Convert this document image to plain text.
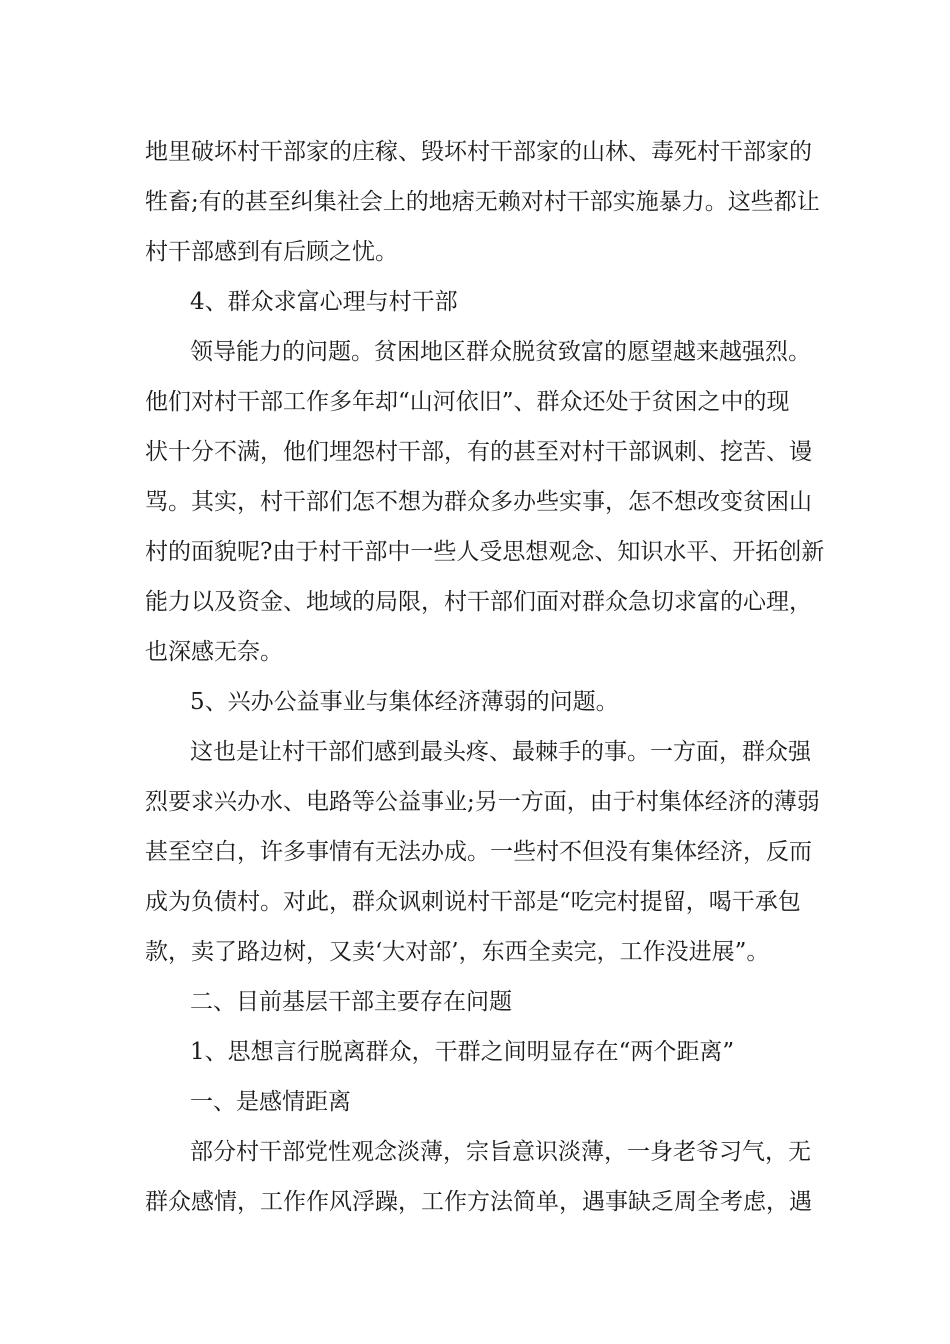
地里破坏村干部家的庄稼、毁坏村干部家的山林、毒死村干部家的

牲畜;有的甚至纠集社会上的地痞无赖对村干部实施暴力。这些都让

村干部感到有后顾之忧。

4、群众求富心理与村干部

领导能力的问题。贫困地区群众脱贫致富的愿望越来越强烈。

他们对村干部工作多年却“山河依旧”、群众还处于贫困之中的现

状十分不满，他们埋怨村干部，有的甚至对村干部讽刺、挖苦、谩

骂。其实，村干部们怎不想为群众多办些实事，怎不想改变贫困山

村的面貌呢?由于村干部中一些人受思想观念、知识水平、开拓创新

能力以及资金、地域的局限，村干部们面对群众急切求富的心理，

也深感无奈。

5、兴办公益事业与集体经济薄弱的问题。

这也是让村干部们感到最头疼、最棘手的事。一方面，群众强

烈要求兴办水、电路等公益事业;另一方面，由于村集体经济的薄弱

甚至空白，许多事情有无法办成。一些村不但没有集体经济，反而

成为负债村。对此，群众讽刺说村干部是“吃完村提留，喝干承包

款，卖了路边树，又卖‘大对部’，东西全卖完，工作没进展”。

二、目前基层干部主要存在问题

1、思想言行脱离群众，干群之间明显存在“两个距离”

一、是感情距离

部分村干部党性观念淡薄，宗旨意识淡薄，一身老爷习气，无

群众感情，工作作风浮躁，工作方法简单，遇事缺乏周全考虑，遇
